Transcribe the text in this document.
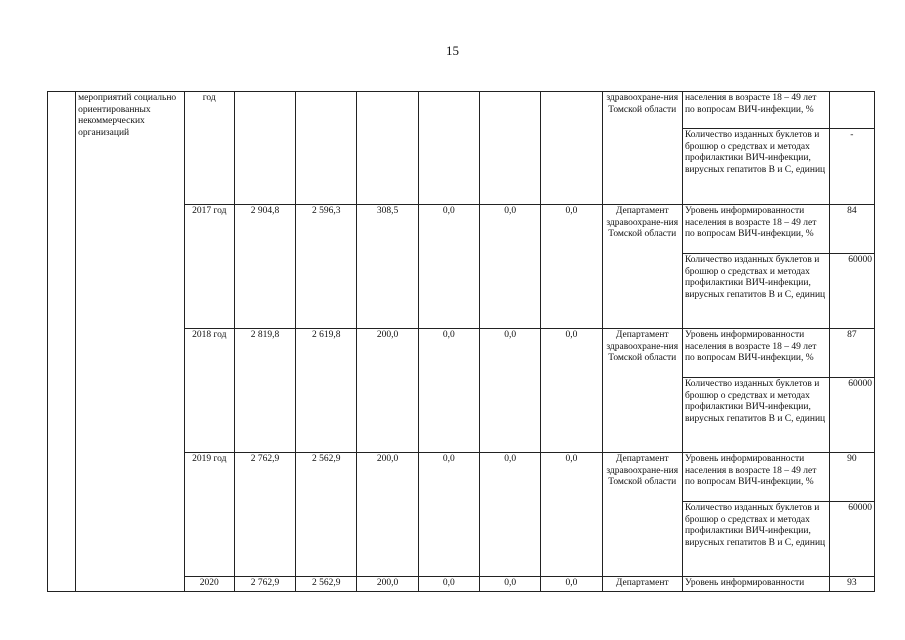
15
	мероприятий социально ориентированных некоммерческих организаций	год							здравоохране-ния Томской области	населения в возрасте 18 – 49 лет по вопросам ВИЧ-инфекции, %	
										Количество изданных буклетов и брошюр о средствах и методах профилактики ВИЧ-инфекции, вирусных гепатитов В и С, единиц	-
		2017 год	2 904,8	2 596,3	308,5	0,0	0,0	0,0	Департамент здравоохране-ния Томской области	Уровень информированности населения в возрасте 18 – 49 лет по вопросам ВИЧ-инфекции, %	84
										Количество изданных буклетов и брошюр о средствах и методах профилактики ВИЧ-инфекции, вирусных гепатитов В и С, единиц	60000
		2018 год	2 819,8	2 619,8	200,0	0,0	0,0	0,0	Департамент здравоохране-ния Томской области	Уровень информированности населения в возрасте 18 – 49 лет по вопросам ВИЧ-инфекции, %	87
										Количество изданных буклетов и брошюр о средствах и методах профилактики ВИЧ-инфекции, вирусных гепатитов В и С, единиц	60000
		2019 год	2 762,9	2 562,9	200,0	0,0	0,0	0,0	Департамент здравоохране-ния Томской области	Уровень информированности населения в возрасте 18 – 49 лет по вопросам ВИЧ-инфекции, %	90
										Количество изданных буклетов и брошюр о средствах и методах профилактики ВИЧ-инфекции, вирусных гепатитов В и С, единиц	60000
		2020	2 762,9	2 562,9	200,0	0,0	0,0	0,0	Департамент	Уровень информированности	93
